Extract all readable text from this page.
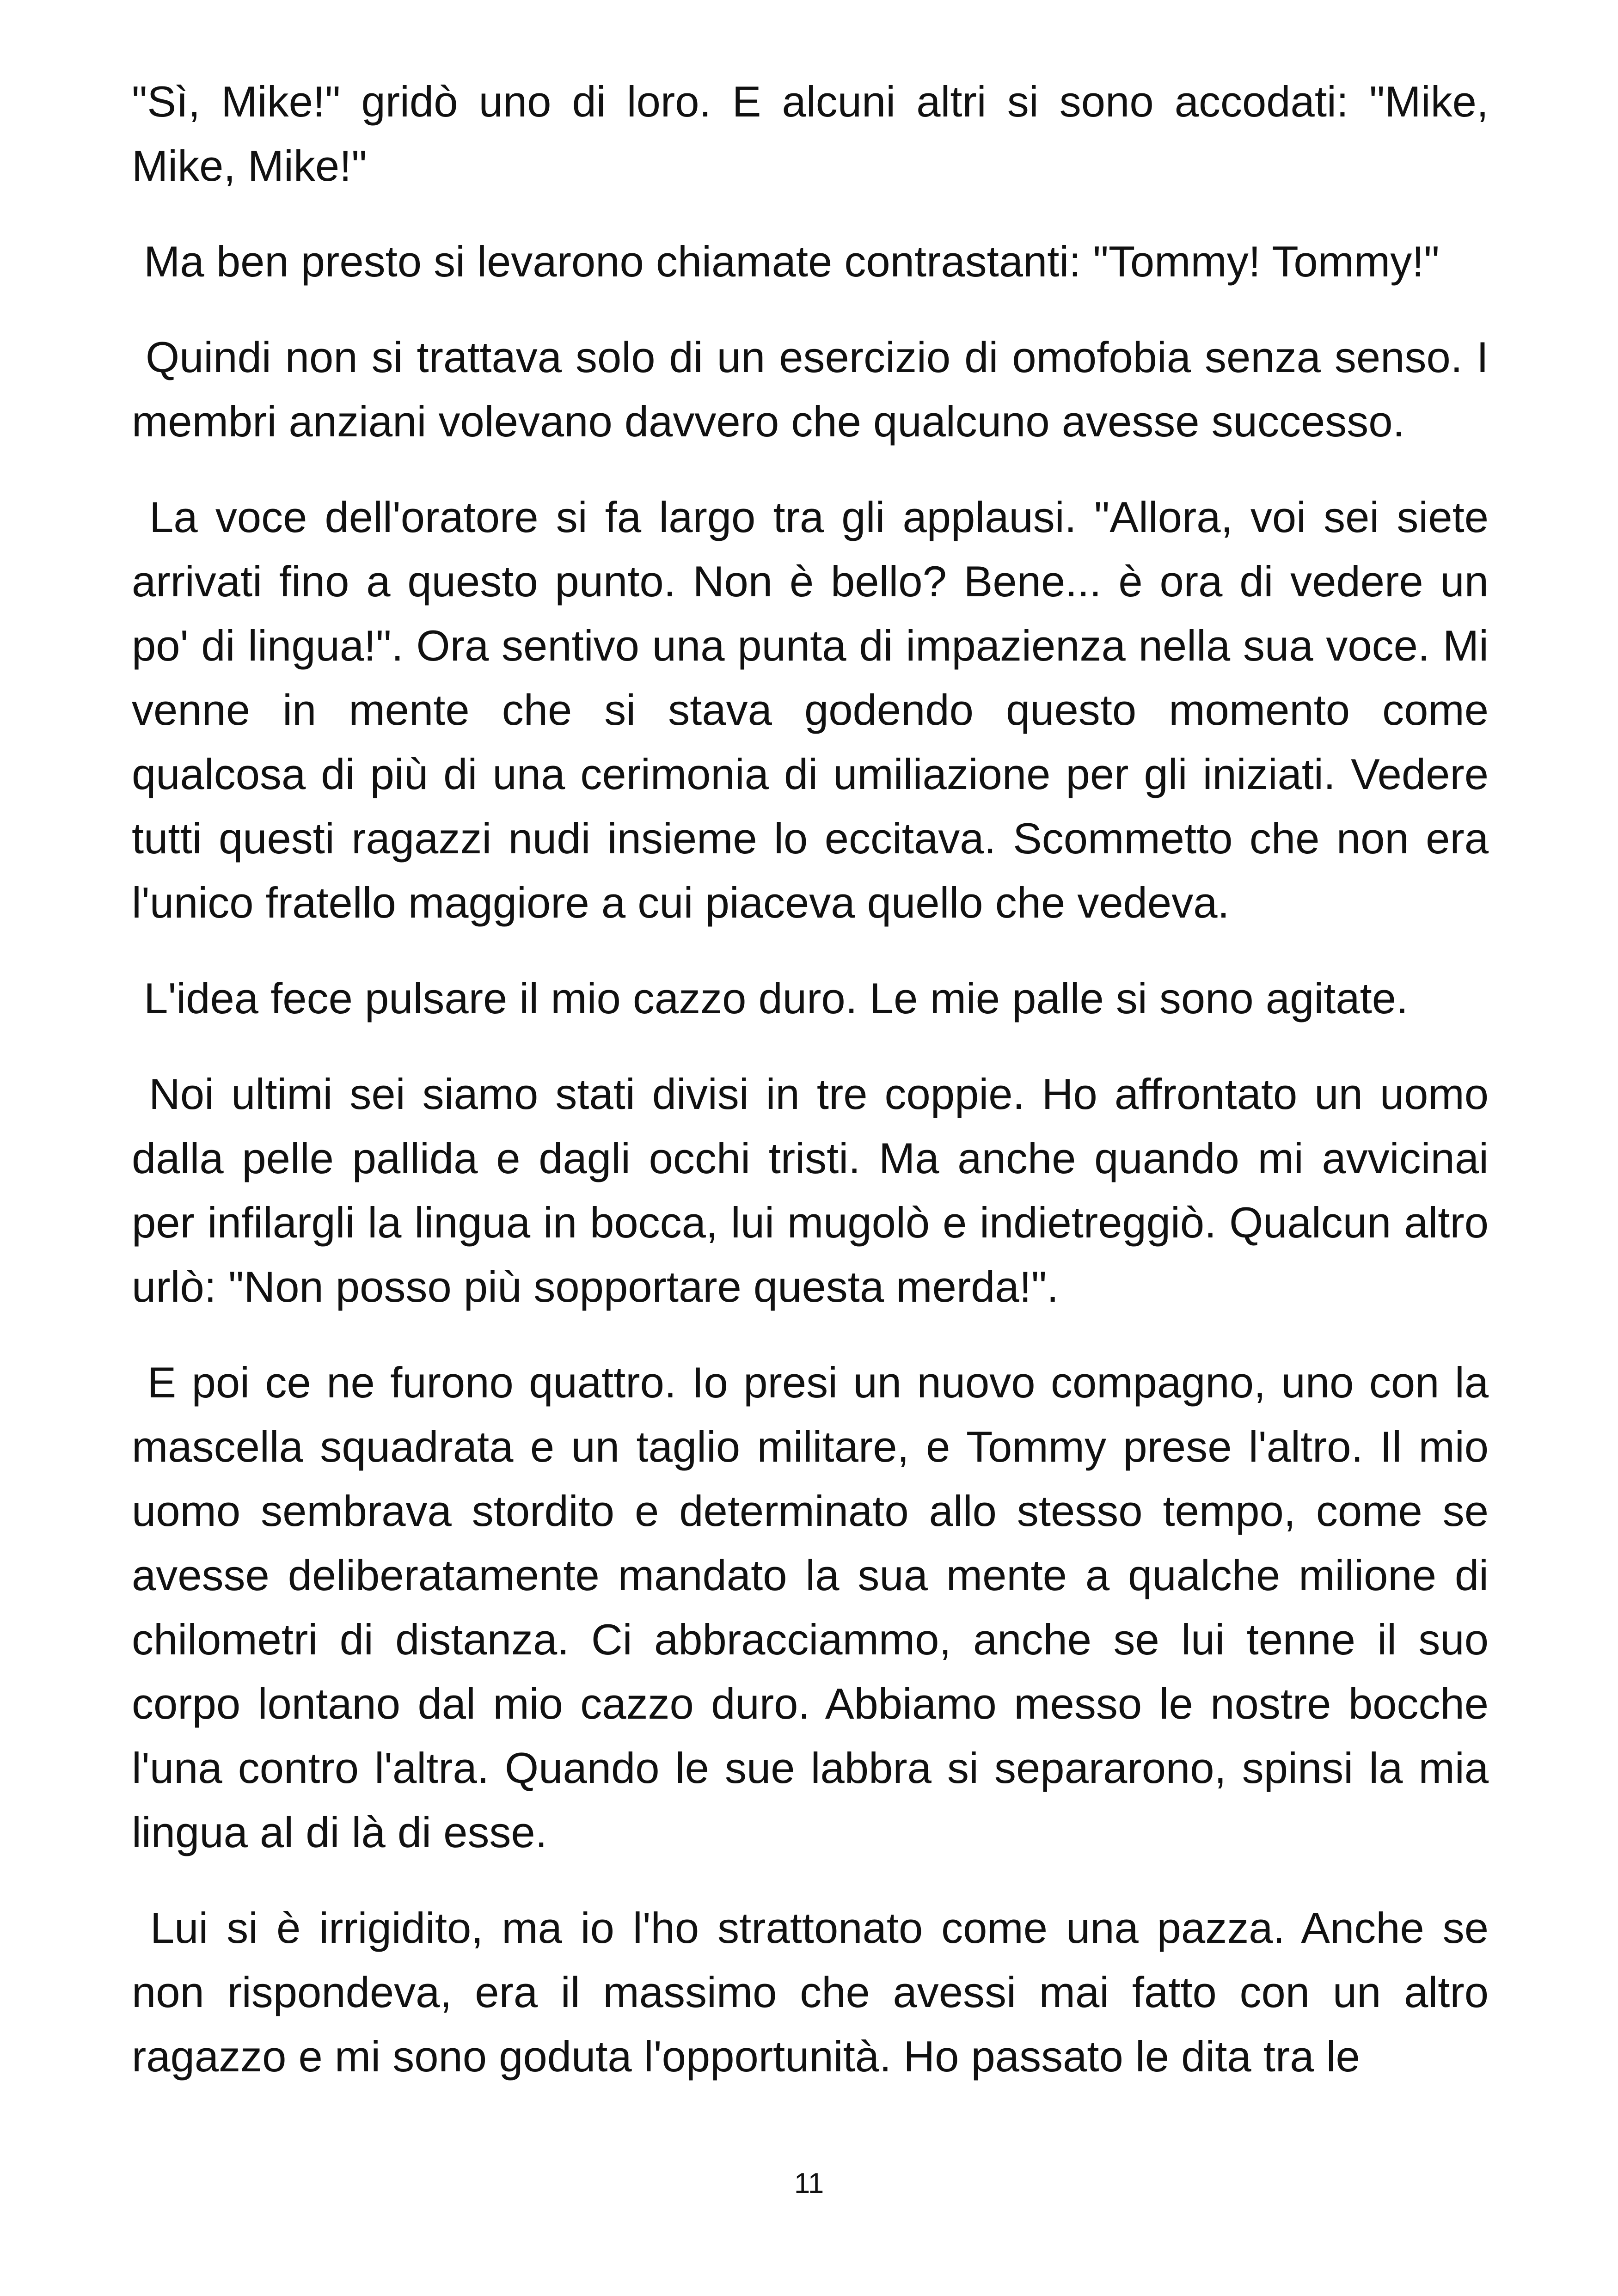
"Sì, Mike!" gridò uno di loro. E alcuni altri si sono accodati: "Mike, Mike, Mike!"

Ma ben presto si levarono chiamate contrastanti: "Tommy! Tommy!"

Quindi non si trattava solo di un esercizio di omofobia senza senso. I membri anziani volevano davvero che qualcuno avesse successo.

La voce dell'oratore si fa largo tra gli applausi. "Allora, voi sei siete arrivati fino a questo punto. Non è bello? Bene... è ora di vedere un po' di lingua!". Ora sentivo una punta di impazienza nella sua voce. Mi venne in mente che si stava godendo questo momento come qualcosa di più di una cerimonia di umiliazione per gli iniziati. Vedere tutti questi ragazzi nudi insieme lo eccitava. Scommetto che non era l'unico fratello maggiore a cui piaceva quello che vedeva.

L'idea fece pulsare il mio cazzo duro. Le mie palle si sono agitate.

Noi ultimi sei siamo stati divisi in tre coppie. Ho affrontato un uomo dalla pelle pallida e dagli occhi tristi. Ma anche quando mi avvicinai per infilargli la lingua in bocca, lui mugolò e indietreggiò. Qualcun altro urlò: "Non posso più sopportare questa merda!".

E poi ce ne furono quattro. Io presi un nuovo compagno, uno con la mascella squadrata e un taglio militare, e Tommy prese l'altro. Il mio uomo sembrava stordito e determinato allo stesso tempo, come se avesse deliberatamente mandato la sua mente a qualche milione di chilometri di distanza. Ci abbracciammo, anche se lui tenne il suo corpo lontano dal mio cazzo duro. Abbiamo messo le nostre bocche l'una contro l'altra. Quando le sue labbra si separarono, spinsi la mia lingua al di là di esse.

Lui si è irrigidito, ma io l'ho strattonato come una pazza. Anche se non rispondeva, era il massimo che avessi mai fatto con un altro ragazzo e mi sono goduta l'opportunità. Ho passato le dita tra le

11
